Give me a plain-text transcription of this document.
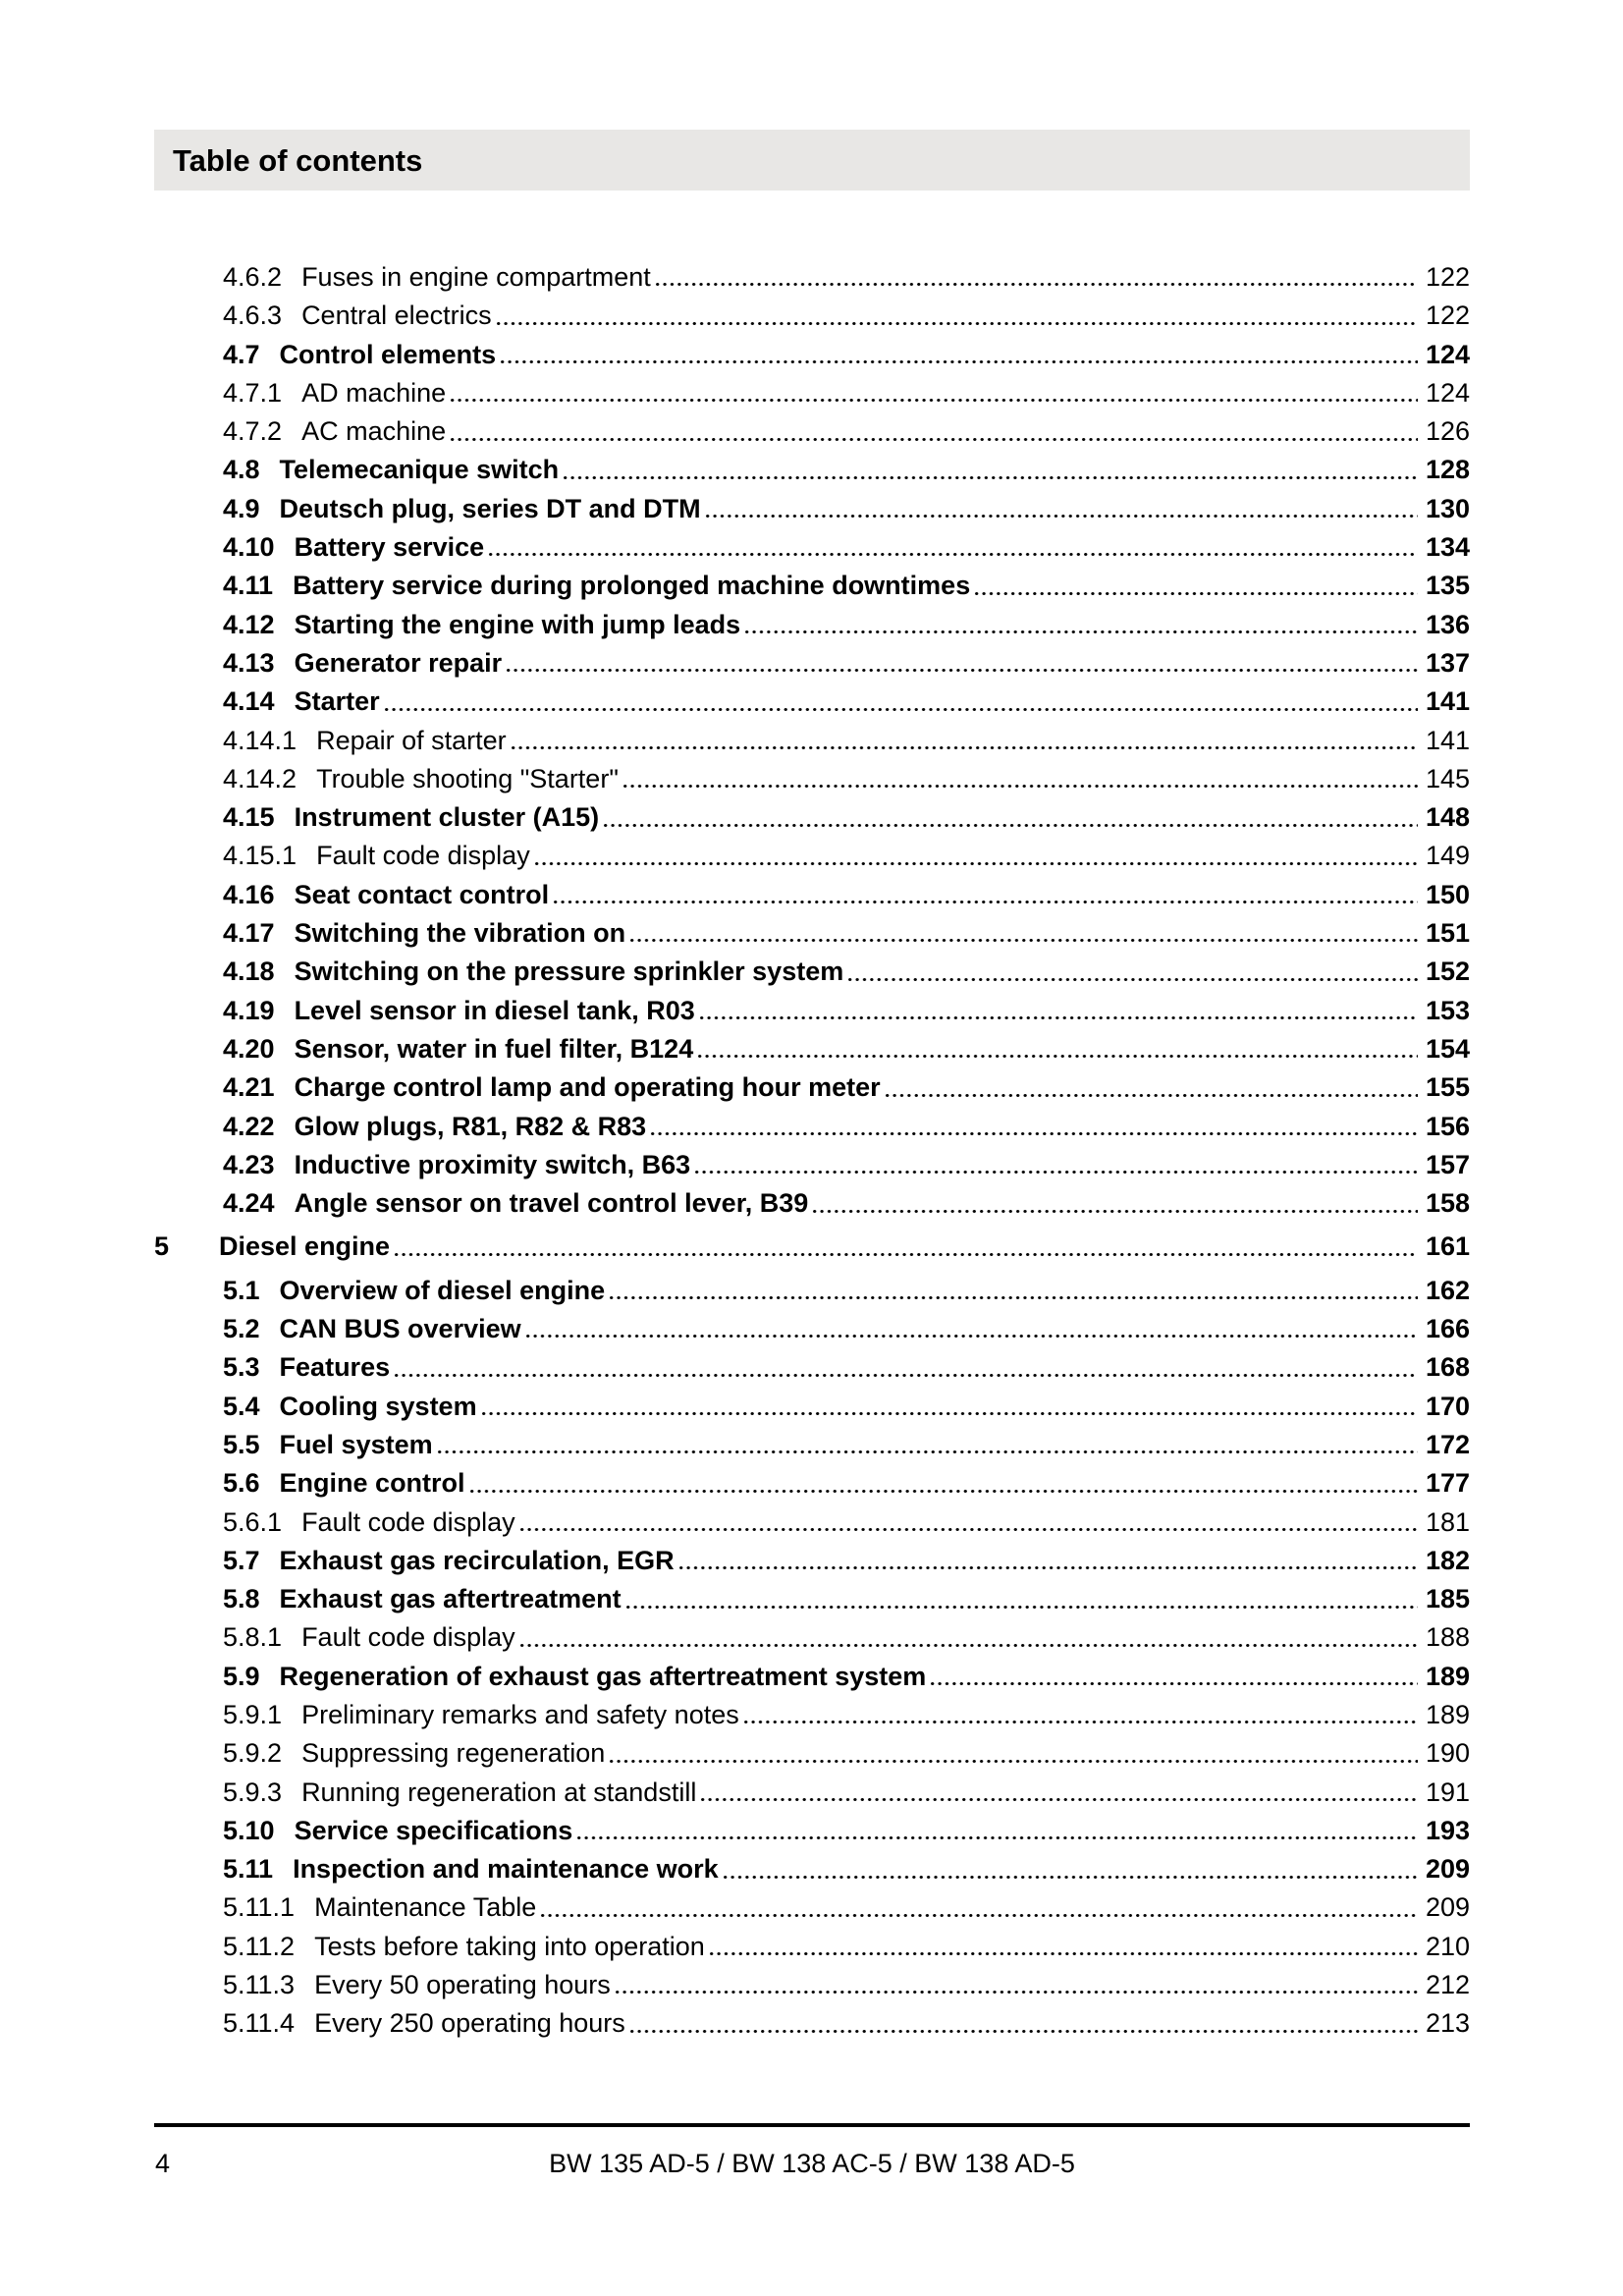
Table of contents
4.6.2 Fuses in engine compartment	122
4.6.3 Central electrics	122
4.7 Control elements	124
4.7.1 AD machine	124
4.7.2 AC machine	126
4.8 Telemecanique switch	128
4.9 Deutsch plug, series DT and DTM	130
4.10 Battery service	134
4.11 Battery service during prolonged machine downtimes	135
4.12 Starting the engine with jump leads	136
4.13 Generator repair	137
4.14 Starter	141
4.14.1 Repair of starter	141
4.14.2 Trouble shooting "Starter"	145
4.15 Instrument cluster (A15)	148
4.15.1 Fault code display	149
4.16 Seat contact control	150
4.17 Switching the vibration on	151
4.18 Switching on the pressure sprinkler system	152
4.19 Level sensor in diesel tank, R03	153
4.20 Sensor, water in fuel filter, B124	154
4.21 Charge control lamp and operating hour meter	155
4.22 Glow plugs, R81, R82 & R83	156
4.23 Inductive proximity switch, B63	157
4.24 Angle sensor on travel control lever, B39	158
5	Diesel engine	161
5.1 Overview of diesel engine	162
5.2 CAN BUS overview	166
5.3 Features	168
5.4 Cooling system	170
5.5 Fuel system	172
5.6 Engine control	177
5.6.1 Fault code display	181
5.7 Exhaust gas recirculation, EGR	182
5.8 Exhaust gas aftertreatment	185
5.8.1 Fault code display	188
5.9 Regeneration of exhaust gas aftertreatment system	189
5.9.1 Preliminary remarks and safety notes	189
5.9.2 Suppressing regeneration	190
5.9.3 Running regeneration at standstill	191
5.10 Service specifications	193
5.11 Inspection and maintenance work	209
5.11.1 Maintenance Table	209
5.11.2 Tests before taking into operation	210
5.11.3 Every 50 operating hours	212
5.11.4 Every 250 operating hours	213
4	BW 135 AD-5 / BW 138 AC-5 / BW 138 AD-5
